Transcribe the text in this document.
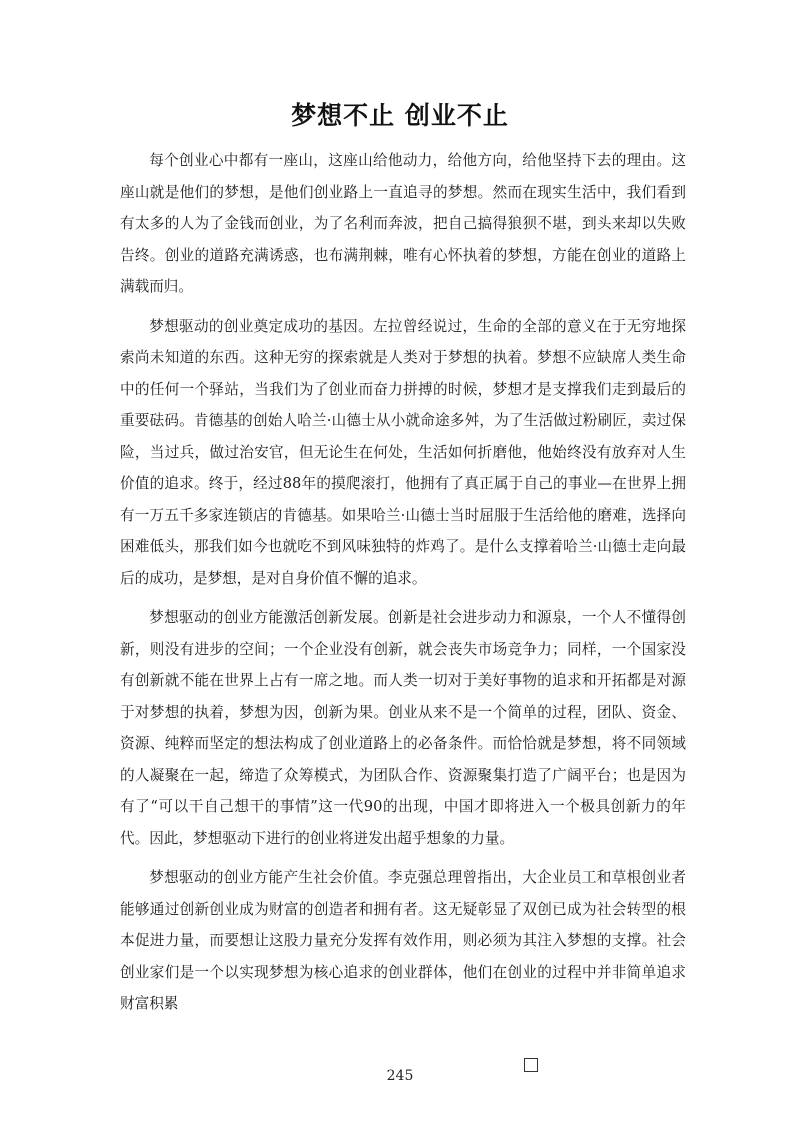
梦想不止 创业不止

每个创业心中都有一座山，这座山给他动力，给他方向，给他坚持下去的理由。这座山就是他们的梦想，是他们创业路上一直追寻的梦想。然而在现实生活中，我们看到有太多的人为了金钱而创业，为了名利而奔波，把自己搞得狼狈不堪，到头来却以失败告终。创业的道路充满诱惑，也布满荆棘，唯有心怀执着的梦想，方能在创业的道路上满载而归。

梦想驱动的创业奠定成功的基因。左拉曾经说过，生命的全部的意义在于无穷地探索尚未知道的东西。这种无穷的探索就是人类对于梦想的执着。梦想不应缺席人类生命中的任何一个驿站，当我们为了创业而奋力拼搏的时候，梦想才是支撑我们走到最后的重要砝码。肯德基的创始人哈兰·山德士从小就命途多舛，为了生活做过粉刷匠，卖过保险，当过兵，做过治安官，但无论生在何处，生活如何折磨他，他始终没有放弃对人生价值的追求。终于，经过88年的摸爬滚打，他拥有了真正属于自己的事业—在世界上拥有一万五千多家连锁店的肯德基。如果哈兰·山德士当时屈服于生活给他的磨难，选择向困难低头，那我们如今也就吃不到风味独特的炸鸡了。是什么支撑着哈兰·山德士走向最后的成功，是梦想，是对自身价值不懈的追求。

梦想驱动的创业方能激活创新发展。创新是社会进步动力和源泉，一个人不懂得创新，则没有进步的空间；一个企业没有创新，就会丧失市场竞争力；同样，一个国家没有创新就不能在世界上占有一席之地。而人类一切对于美好事物的追求和开拓都是对源于对梦想的执着，梦想为因，创新为果。创业从来不是一个简单的过程，团队、资金、资源、纯粹而坚定的想法构成了创业道路上的必备条件。而恰恰就是梦想，将不同领域的人凝聚在一起，缔造了众筹模式，为团队合作、资源聚集打造了广阔平台；也是因为有了“可以干自己想干的事情”这一代90的出现，中国才即将进入一个极具创新力的年代。因此，梦想驱动下进行的创业将迸发出超乎想象的力量。

梦想驱动的创业方能产生社会价值。李克强总理曾指出，大企业员工和草根创业者能够通过创新创业成为财富的创造者和拥有者。这无疑彰显了双创已成为社会转型的根本促进力量，而要想让这股力量充分发挥有效作用，则必须为其注入梦想的支撑。社会创业家们是一个以实现梦想为核心追求的创业群体，他们在创业的过程中并非简单追求财富积累

245
